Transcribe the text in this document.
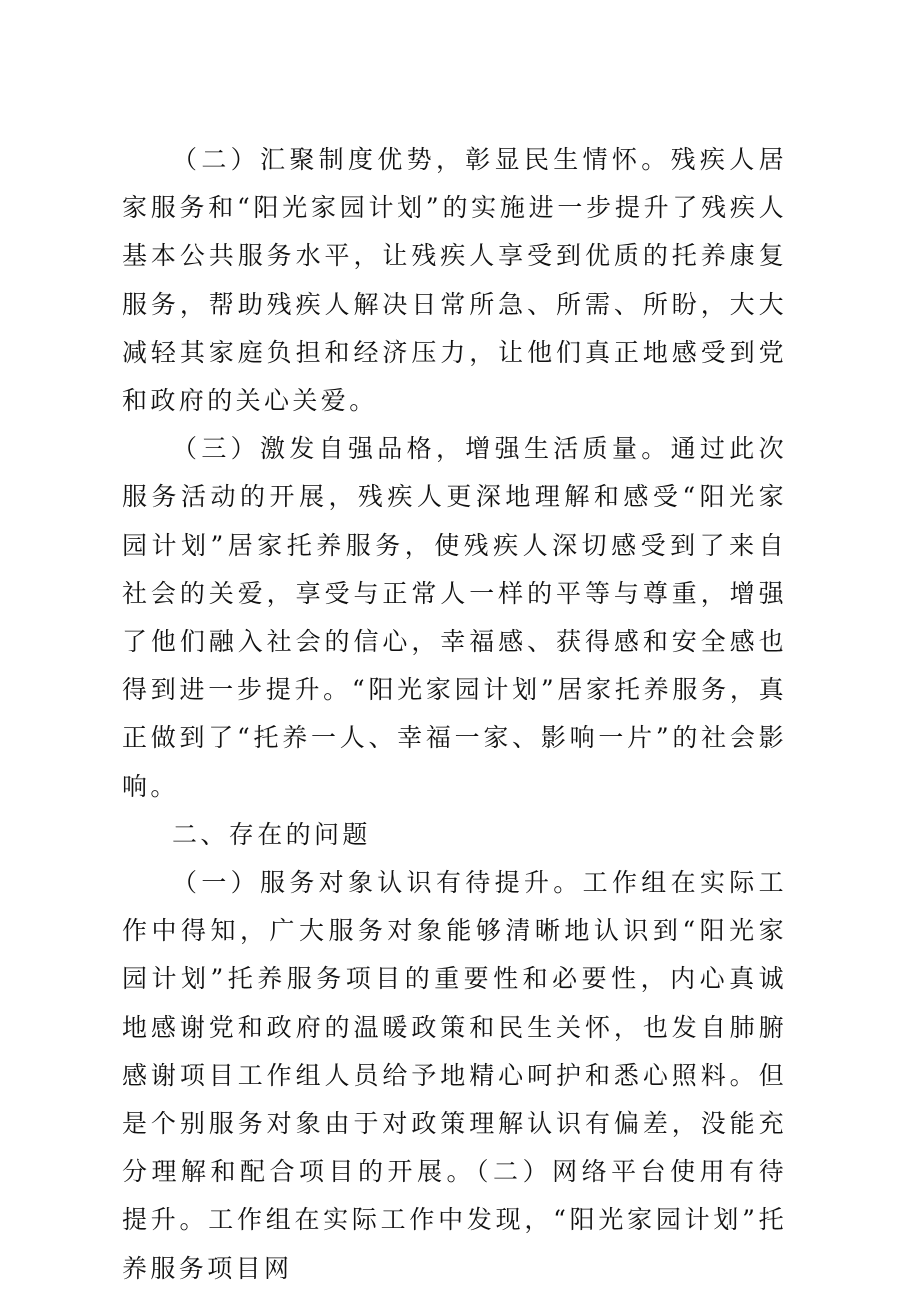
（二）汇聚制度优势，彰显民生情怀。残疾人居家服务和“阳光家园计划”的实施进一步提升了残疾人基本公共服务水平，让残疾人享受到优质的托养康复服务，帮助残疾人解决日常所急、所需、所盼，大大减轻其家庭负担和经济压力，让他们真正地感受到党和政府的关心关爱。

（三）激发自强品格，增强生活质量。通过此次服务活动的开展，残疾人更深地理解和感受“阳光家园计划”居家托养服务，使残疾人深切感受到了来自社会的关爱，享受与正常人一样的平等与尊重，增强了他们融入社会的信心，幸福感、获得感和安全感也得到进一步提升。“阳光家园计划”居家托养服务，真正做到了“托养一人、幸福一家、影响一片”的社会影响。

二、存在的问题

（一）服务对象认识有待提升。工作组在实际工作中得知，广大服务对象能够清晰地认识到“阳光家园计划”托养服务项目的重要性和必要性，内心真诚地感谢党和政府的温暖政策和民生关怀，也发自肺腑感谢项目工作组人员给予地精心呵护和悉心照料。但是个别服务对象由于对政策理解认识有偏差，没能充分理解和配合项目的开展。（二）网络平台使用有待提升。工作组在实际工作中发现，“阳光家园计划”托养服务项目网
